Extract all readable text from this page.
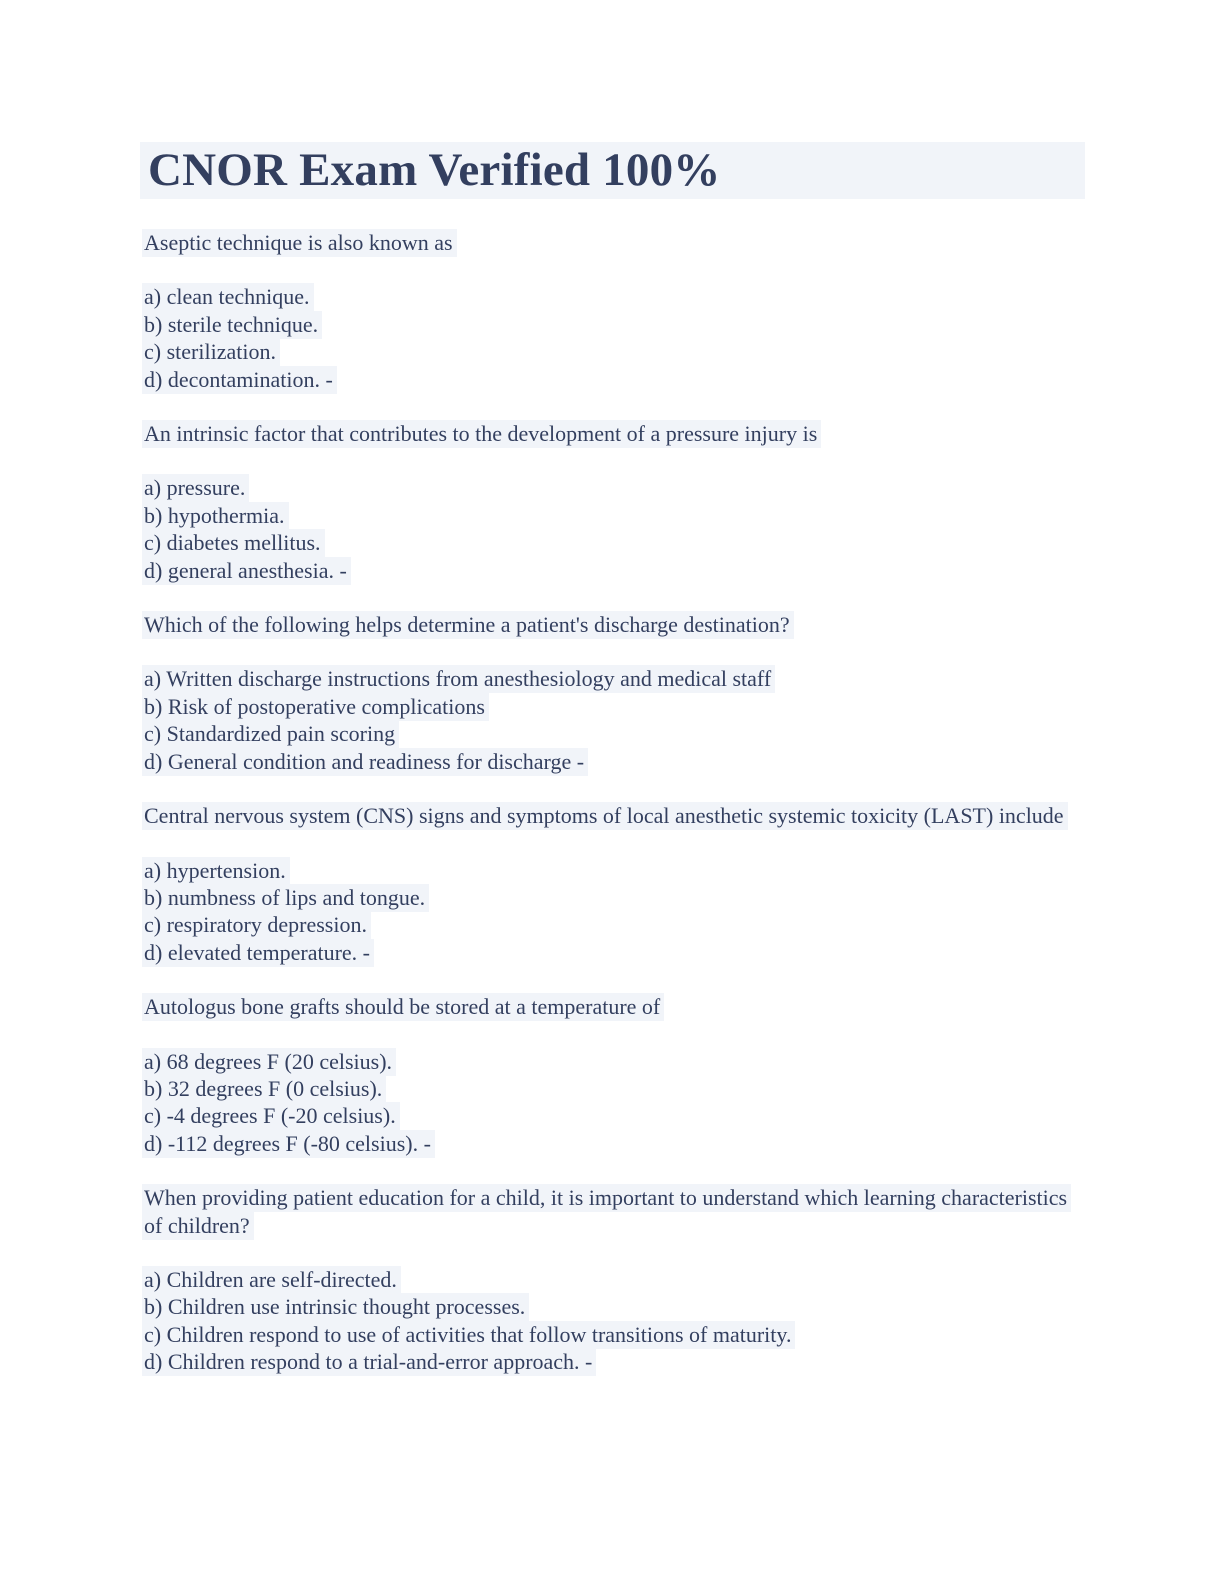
CNOR Exam Verified 100%

Aseptic technique is also known as

a) clean technique.

b) sterile technique.

c) sterilization.

d) decontamination. -

An intrinsic factor that contributes to the development of a pressure injury is

a) pressure.

b) hypothermia.

c) diabetes mellitus.

d) general anesthesia. -

Which of the following helps determine a patient's discharge destination?

a) Written discharge instructions from anesthesiology and medical staff

b) Risk of postoperative complications

c) Standardized pain scoring

d) General condition and readiness for discharge -

Central nervous system (CNS) signs and symptoms of local anesthetic systemic toxicity (LAST) include

a) hypertension.

b) numbness of lips and tongue.

c) respiratory depression.

d) elevated temperature. -

Autologus bone grafts should be stored at a temperature of

a) 68 degrees F (20 celsius).

b) 32 degrees F (0 celsius).

c) -4 degrees F (-20 celsius).

d) -112 degrees F (-80 celsius). -

When providing patient education for a child, it is important to understand which learning characteristics of children?

a) Children are self-directed.

b) Children use intrinsic thought processes.

c) Children respond to use of activities that follow transitions of maturity.

d) Children respond to a trial-and-error approach. -
